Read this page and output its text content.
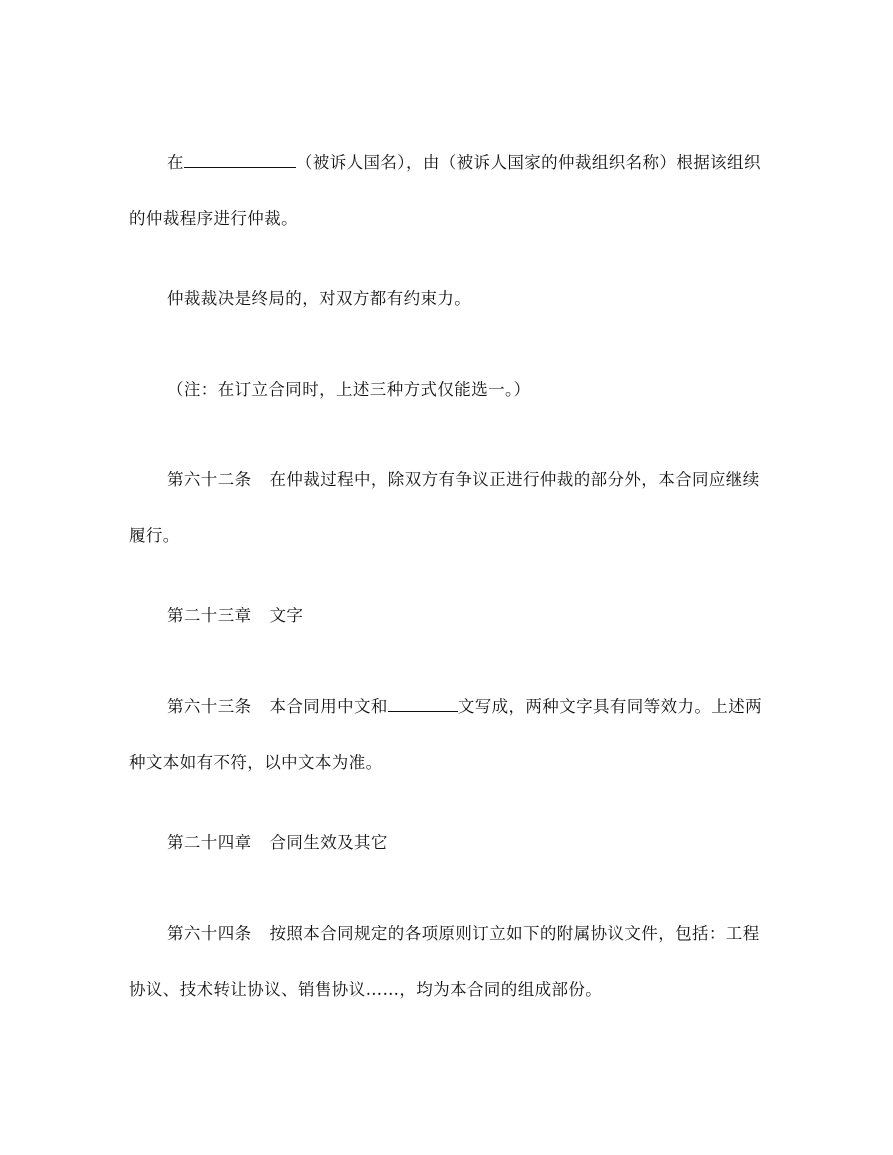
在	（被诉人国名），由（被诉人国家的仲裁组织名称）根据该组织的仲裁程序进行仲裁。

仲裁裁决是终局的，对双方都有约束力。

（注：在订立合同时，上述三种方式仅能选一。）

第六十二条 在仲裁过程中，除双方有争议正进行仲裁的部分外，本合同应继续履行。

第二十三章 文字

第六十三条 本合同用中文和	文写成，两种文字具有同等效力。上述两种文本如有不符，以中文本为准。

第二十四章 合同生效及其它

第六十四条 按照本合同规定的各项原则订立如下的附属协议文件，包括：工程协议、技术转让协议、销售协议……，均为本合同的组成部份。
